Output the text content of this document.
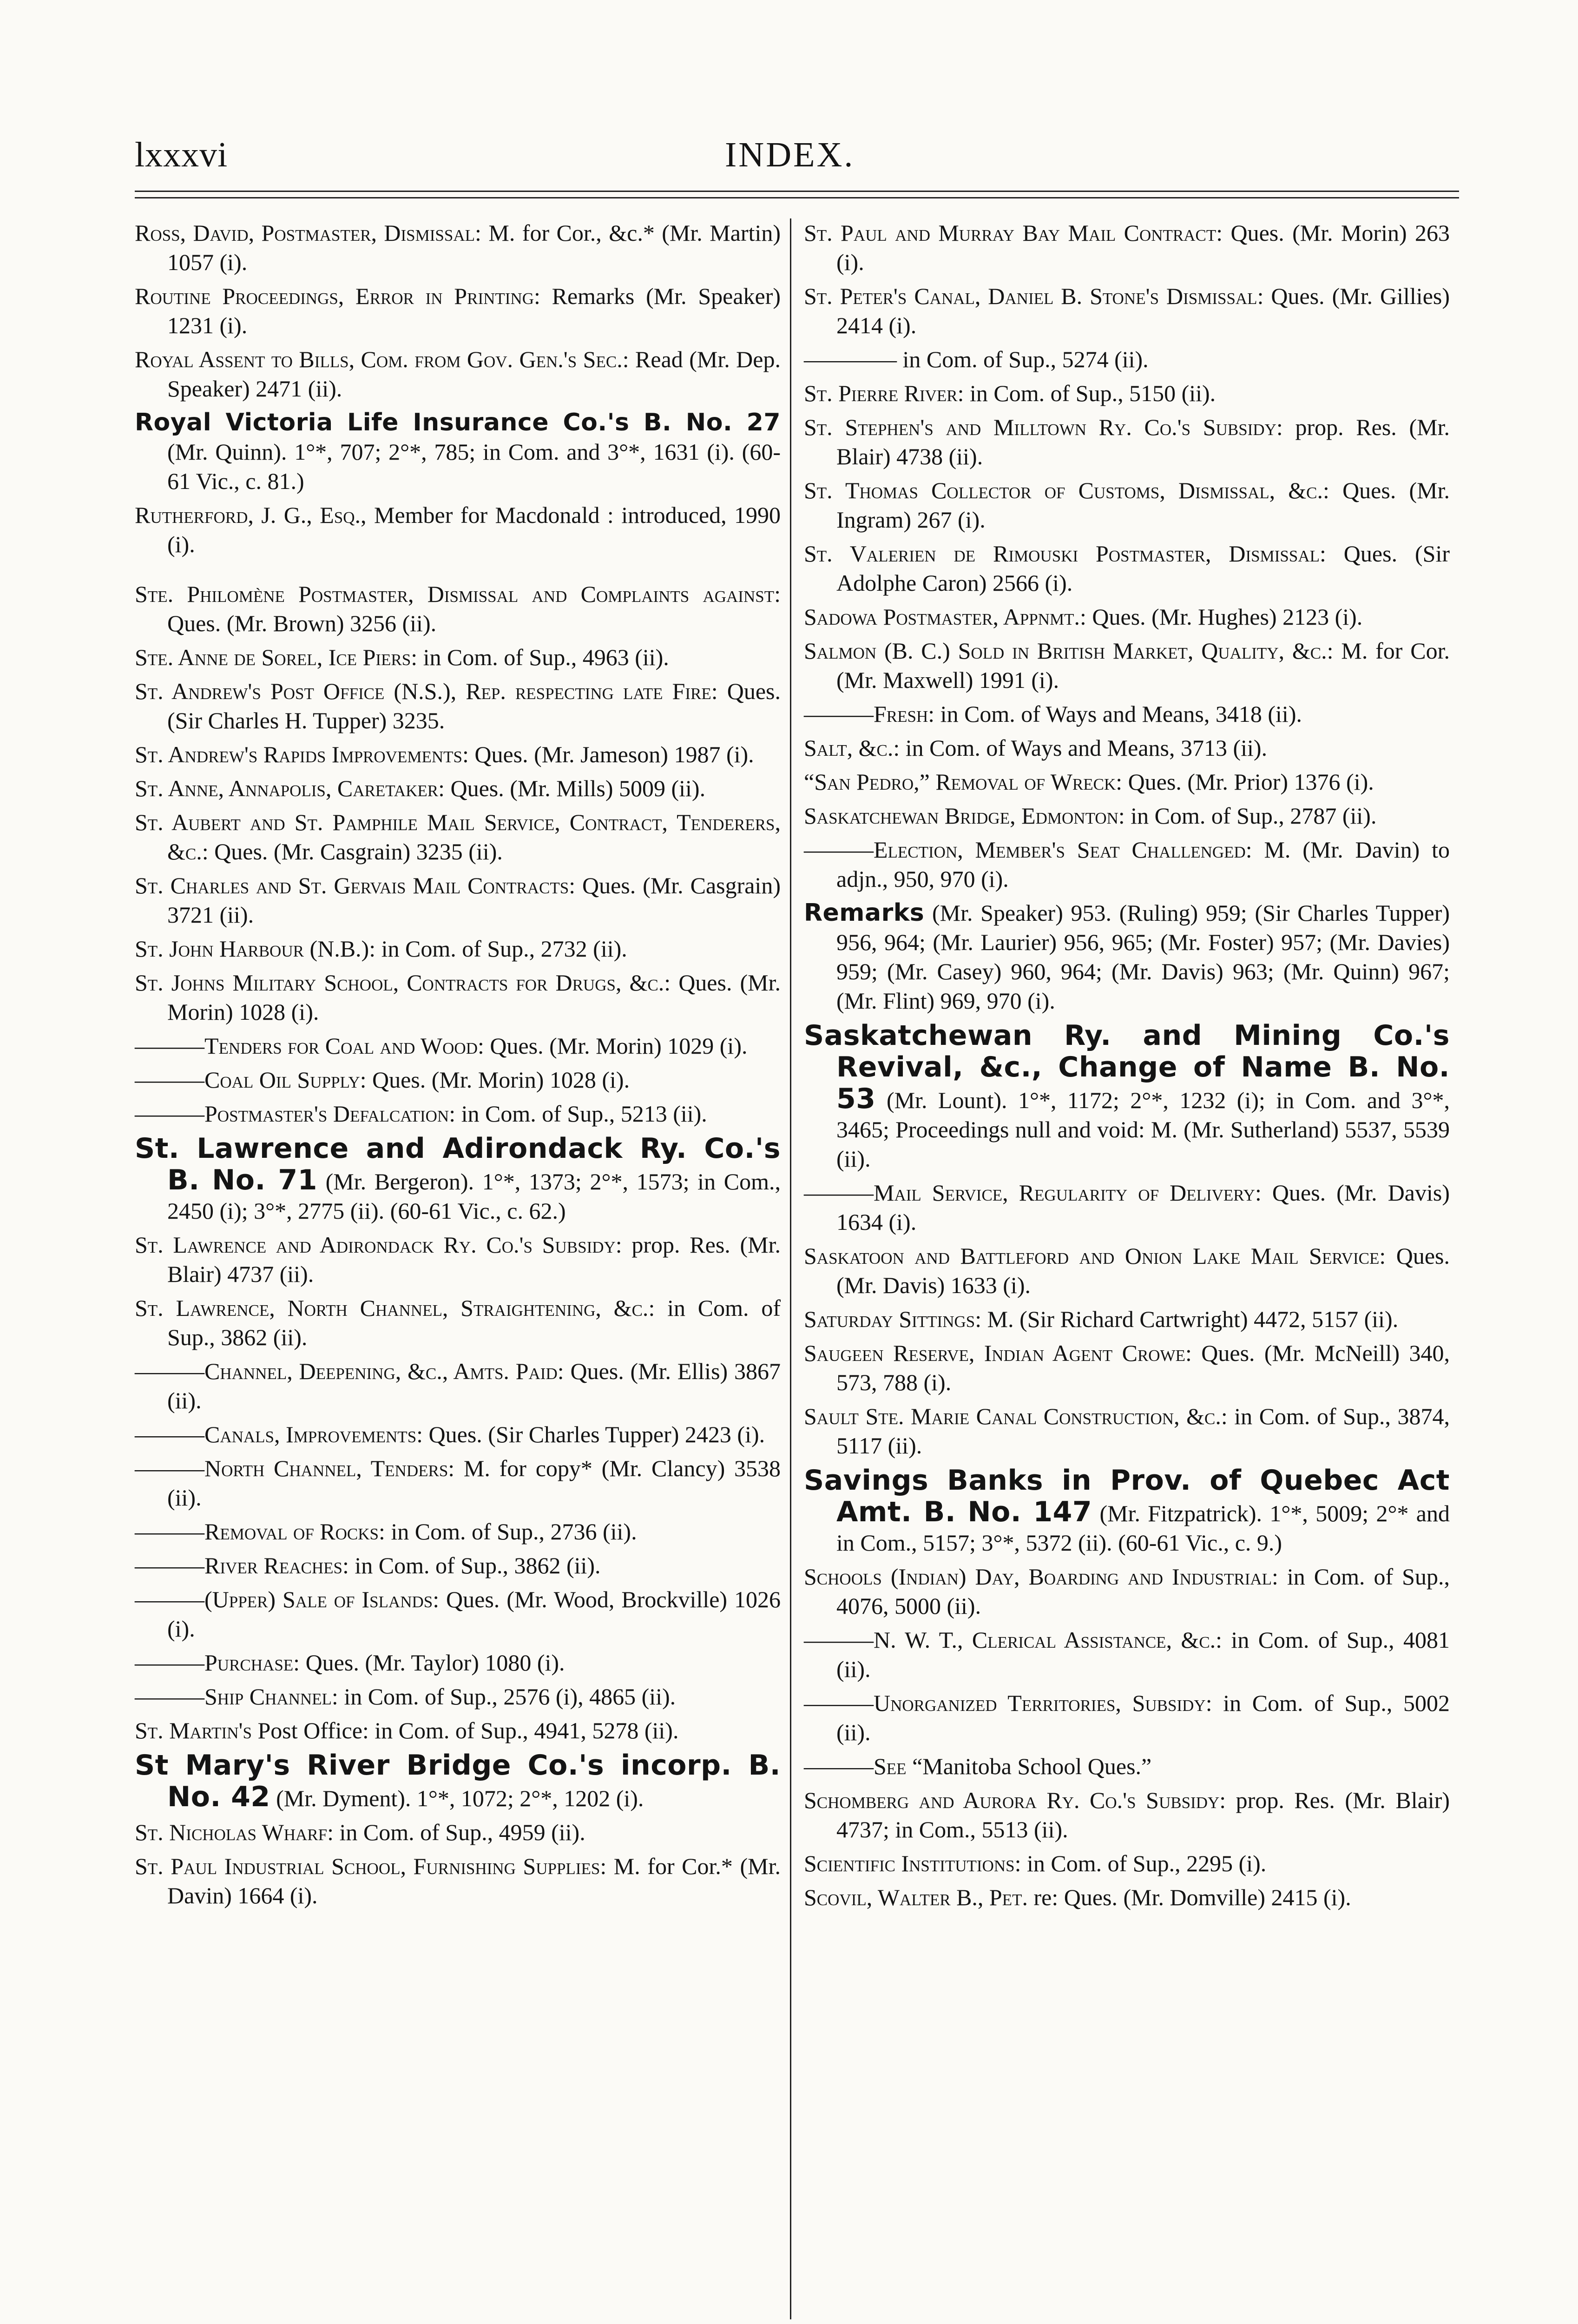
lxxxvi	INDEX.

Ross, David, Postmaster, Dismissal: M. for Cor., &c.* (Mr. Martin) 1057 (i).

Routine Proceedings, Error in Printing: Remarks (Mr. Speaker) 1231 (i).

Royal Assent to Bills, Com. from Gov. Gen.'s Sec.: Read (Mr. Dep. Speaker) 2471 (ii).

Royal Victoria Life Insurance Co.'s B. No. 27 (Mr. Quinn). 1°*, 707; 2°*, 785; in Com. and 3°*, 1631 (i). (60-61 Vic., c. 81.)

Rutherford, J. G., Esq., Member for Macdonald : introduced, 1990 (i).

Ste. Philomène Postmaster, Dismissal and Complaints against: Ques. (Mr. Brown) 3256 (ii).

Ste. Anne de Sorel, Ice Piers: in Com. of Sup., 4963 (ii).

St. Andrew's Post Office (N.S.), Rep. respecting late Fire: Ques. (Sir Charles H. Tupper) 3235.

St. Andrew's Rapids Improvements: Ques. (Mr. Jameson) 1987 (i).

St. Anne, Annapolis, Caretaker: Ques. (Mr. Mills) 5009 (ii).

St. Aubert and St. Pamphile Mail Service, Contract, Tenderers, &c.: Ques. (Mr. Casgrain) 3235 (ii).

St. Charles and St. Gervais Mail Contracts: Ques. (Mr. Casgrain) 3721 (ii).

St. John Harbour (N.B.): in Com. of Sup., 2732 (ii).

St. Johns Military School, Contracts for Drugs, &c.: Ques. (Mr. Morin) 1028 (i).

——— Tenders for Coal and Wood: Ques. (Mr. Morin) 1029 (i).

——— Coal Oil Supply: Ques. (Mr. Morin) 1028 (i).

——— Postmaster's Defalcation: in Com. of Sup., 5213 (ii).

St. Lawrence and Adirondack Ry. Co.'s B. No. 71 (Mr. Bergeron). 1°*, 1373; 2°*, 1573; in Com., 2450 (i); 3°*, 2775 (ii). (60-61 Vic., c. 62.)

St. Lawrence and Adirondack Ry. Co.'s Subsidy: prop. Res. (Mr. Blair) 4737 (ii).

St. Lawrence, North Channel, Straightening, &c.: in Com. of Sup., 3862 (ii).

——— Channel, Deepening, &c., Amts. Paid: Ques. (Mr. Ellis) 3867 (ii).

——— Canals, Improvements: Ques. (Sir Charles Tupper) 2423 (i).

——— North Channel, Tenders: M. for copy* (Mr. Clancy) 3538 (ii).

——— Removal of Rocks: in Com. of Sup., 2736 (ii).

——— River Reaches: in Com. of Sup., 3862 (ii).

——— (Upper) Sale of Islands: Ques. (Mr. Wood, Brockville) 1026 (i).

——— Purchase: Ques. (Mr. Taylor) 1080 (i).

——— Ship Channel: in Com. of Sup., 2576 (i), 4865 (ii).

St. Martin's Post Office: in Com. of Sup., 4941, 5278 (ii).

St Mary's River Bridge Co.'s incorp. B. No. 42 (Mr. Dyment). 1°*, 1072; 2°*, 1202 (i).

St. Nicholas Wharf: in Com. of Sup., 4959 (ii).

St. Paul Industrial School, Furnishing Supplies: M. for Cor.* (Mr. Davin) 1664 (i).

St. Paul and Murray Bay Mail Contract: Ques. (Mr. Morin) 263 (i).

St. Peter's Canal, Daniel B. Stone's Dismissal: Ques. (Mr. Gillies) 2414 (i).

——— — in Com. of Sup., 5274 (ii).

St. Pierre River: in Com. of Sup., 5150 (ii).

St. Stephen's and Milltown Ry. Co.'s Subsidy: prop. Res. (Mr. Blair) 4738 (ii).

St. Thomas Collector of Customs, Dismissal, &c.: Ques. (Mr. Ingram) 267 (i).

St. Valerien de Rimouski Postmaster, Dismissal: Ques. (Sir Adolphe Caron) 2566 (i).

Sadowa Postmaster, Appnmt.: Ques. (Mr. Hughes) 2123 (i).

Salmon (B. C.) Sold in British Market, Quality, &c.: M. for Cor. (Mr. Maxwell) 1991 (i).

——— Fresh: in Com. of Ways and Means, 3418 (ii).

Salt, &c.: in Com. of Ways and Means, 3713 (ii).

“San Pedro,” Removal of Wreck: Ques. (Mr. Prior) 1376 (i).

Saskatchewan Bridge, Edmonton: in Com. of Sup., 2787 (ii).

——— Election, Member's Seat Challenged: M. (Mr. Davin) to adjn., 950, 970 (i).

Remarks (Mr. Speaker) 953. (Ruling) 959; (Sir Charles Tupper) 956, 964; (Mr. Laurier) 956, 965; (Mr. Foster) 957; (Mr. Davies) 959; (Mr. Casey) 960, 964; (Mr. Davis) 963; (Mr. Quinn) 967; (Mr. Flint) 969, 970 (i).

Saskatchewan Ry. and Mining Co.'s Revival, &c., Change of Name B. No. 53 (Mr. Lount). 1°*, 1172; 2°*, 1232 (i); in Com. and 3°*, 3465; Proceedings null and void: M. (Mr. Sutherland) 5537, 5539 (ii).

——— Mail Service, Regularity of Delivery: Ques. (Mr. Davis) 1634 (i).

Saskatoon and Battleford and Onion Lake Mail Service: Ques. (Mr. Davis) 1633 (i).

Saturday Sittings: M. (Sir Richard Cartwright) 4472, 5157 (ii).

Saugeen Reserve, Indian Agent Crowe: Ques. (Mr. McNeill) 340, 573, 788 (i).

Sault Ste. Marie Canal Construction, &c.: in Com. of Sup., 3874, 5117 (ii).

Savings Banks in Prov. of Quebec Act Amt. B. No. 147 (Mr. Fitzpatrick). 1°*, 5009; 2°* and in Com., 5157; 3°*, 5372 (ii). (60-61 Vic., c. 9.)

Schools (Indian) Day, Boarding and Industrial: in Com. of Sup., 4076, 5000 (ii).

——— N. W. T., Clerical Assistance, &c.: in Com. of Sup., 4081 (ii).

——— Unorganized Territories, Subsidy: in Com. of Sup., 5002 (ii).

——— See “Manitoba School Ques.”

Schomberg and Aurora Ry. Co.'s Subsidy: prop. Res. (Mr. Blair) 4737; in Com., 5513 (ii).

Scientific Institutions: in Com. of Sup., 2295 (i).

Scovil, Walter B., Pet. re: Ques. (Mr. Domville) 2415 (i).
